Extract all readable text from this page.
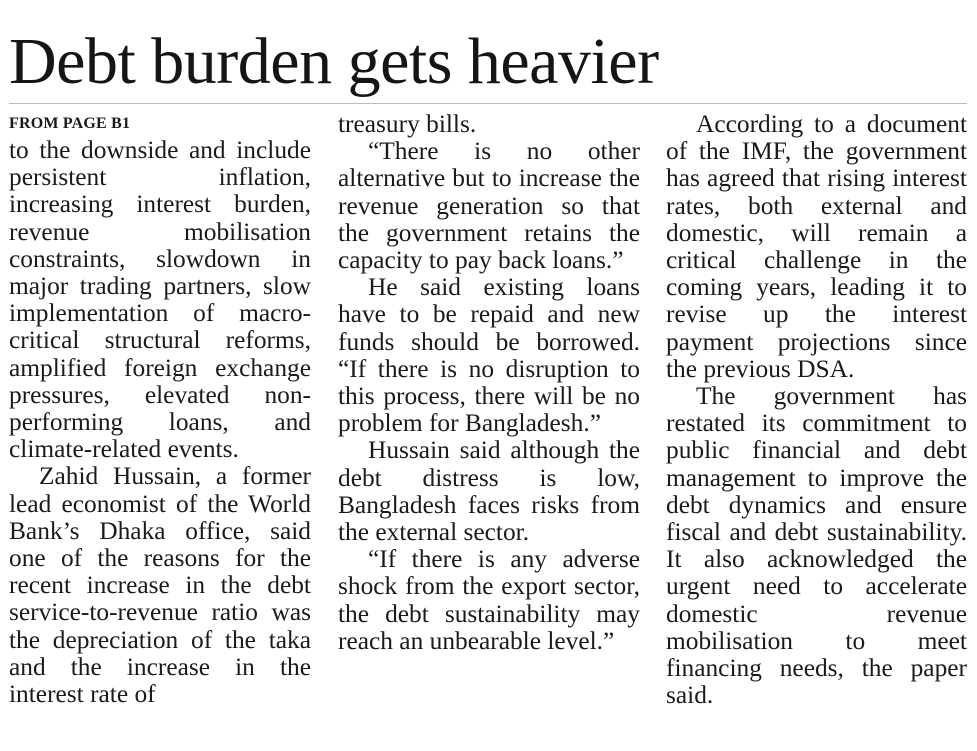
Debt burden gets heavier
FROM PAGE B1

to the downside and include persistent inflation, increasing interest burden, revenue mobilisation constraints, slowdown in major trading partners, slow implementation of macro-critical structural reforms, amplified foreign exchange pressures, elevated non-performing loans, and climate-related events.

Zahid Hussain, a former lead economist of the World Bank’s Dhaka office, said one of the reasons for the recent increase in the debt service-to-revenue ratio was the depreciation of the taka and the increase in the interest rate of

treasury bills.

“There is no other alternative but to increase the revenue generation so that the government retains the capacity to pay back loans.”

He said existing loans have to be repaid and new funds should be borrowed. “If there is no disruption to this process, there will be no problem for Bangladesh.”

Hussain said although the debt distress is low, Bangladesh faces risks from the external sector.

“If there is any adverse shock from the export sector, the debt sustainability may reach an unbearable level.”

According to a document of the IMF, the government has agreed that rising interest rates, both external and domestic, will remain a critical challenge in the coming years, leading it to revise up the interest payment projections since the previous DSA.

The government has restated its commitment to public financial and debt management to improve the debt dynamics and ensure fiscal and debt sustainability. It also acknowledged the urgent need to accelerate domestic revenue mobilisation to meet financing needs, the paper said.
